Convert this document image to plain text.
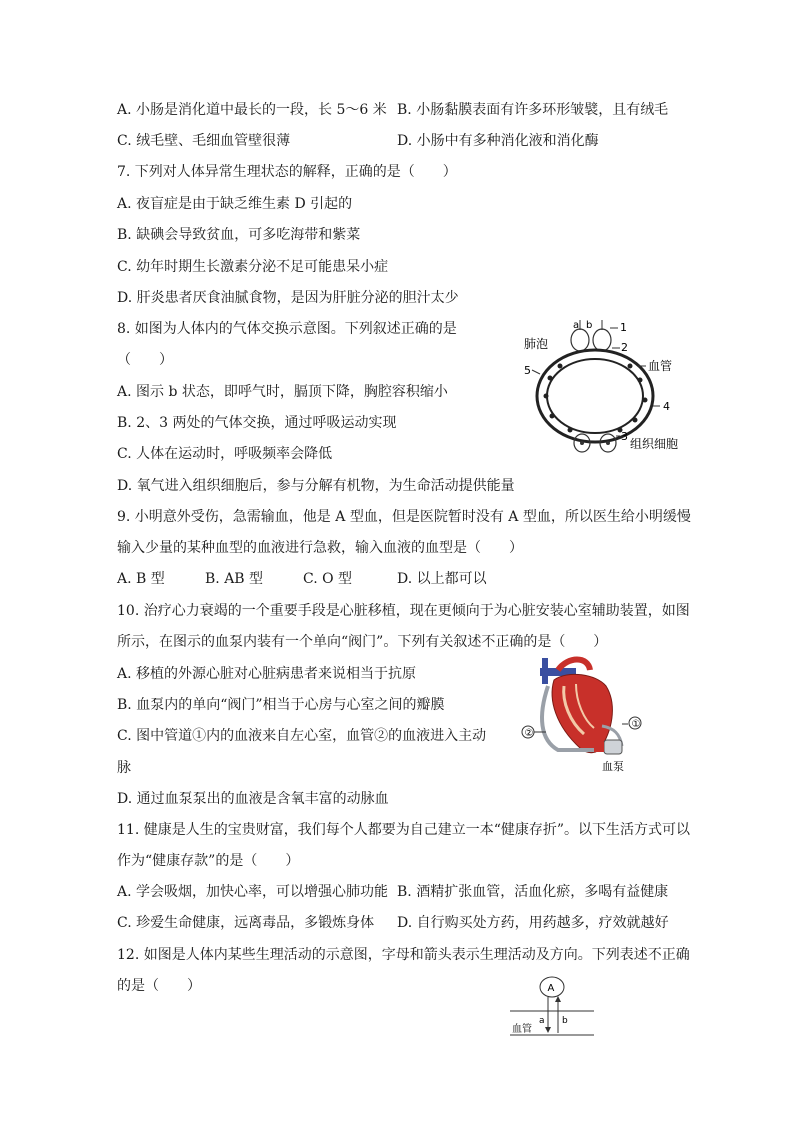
A. 小肠是消化道中最长的一段，长 5～6 米 B. 小肠黏膜表面有许多环形皱襞，且有绒毛
C. 绒毛壁、毛细血管壁很薄	D. 小肠中有多种消化液和消化酶
7. 下列对人体异常生理状态的解释，正确的是（　　）
A. 夜盲症是由于缺乏维生素 D 引起的
B. 缺碘会导致贫血，可多吃海带和紫菜
C. 幼年时期生长激素分泌不足可能患呆小症
D. 肝炎患者厌食油腻食物，是因为肝脏分泌的胆汁太少
8. 如图为人体内的气体交换示意图。下列叙述正确的是
（　　）
A. 图示 b 状态，即呼气时，膈顶下降，胸腔容积缩小
B. 2、3 两处的气体交换，通过呼吸运动实现
C. 人体在运动时，呼吸频率会降低
D. 氧气进入组织细胞后，参与分解有机物，为生命活动提供能量
a b	1
2
4
5
3
肺泡
血管
组织细胞
9. 小明意外受伤，急需输血，他是 A 型血，但是医院暂时没有 A 型血，所以医生给小明缓慢
输入少量的某种血型的血液进行急救，输入血液的血型是（　　）
A. B 型	B. AB 型	C. O 型	D. 以上都可以
10. 治疗心力衰竭的一个重要手段是心脏移植，现在更倾向于为心脏安装心室辅助装置，如图
所示，在图示的血泵内装有一个单向“阀门”。下列有关叙述不正确的是（　　）
A. 移植的外源心脏对心脏病患者来说相当于抗原
B. 血泵内的单向“阀门”相当于心房与心室之间的瓣膜
C. 图中管道①内的血液来自左心室，血管②的血液进入主动
脉
D. 通过血泵泵出的血液是含氧丰富的动脉血
①
②
血泵
11. 健康是人生的宝贵财富，我们每个人都要为自己建立一本“健康存折”。以下生活方式可以
作为“健康存款”的是（　　）
A. 学会吸烟，加快心率，可以增强心肺功能 B. 酒精扩张血管，活血化瘀，多喝有益健康
C. 珍爱生命健康，远离毒品，多锻炼身体 D. 自行购买处方药，用药越多，疗效就越好
12. 如图是人体内某些生理活动的示意图，字母和箭头表示生理活动及方向。下列表述不正确
的是（　　）	A
a b
血管
